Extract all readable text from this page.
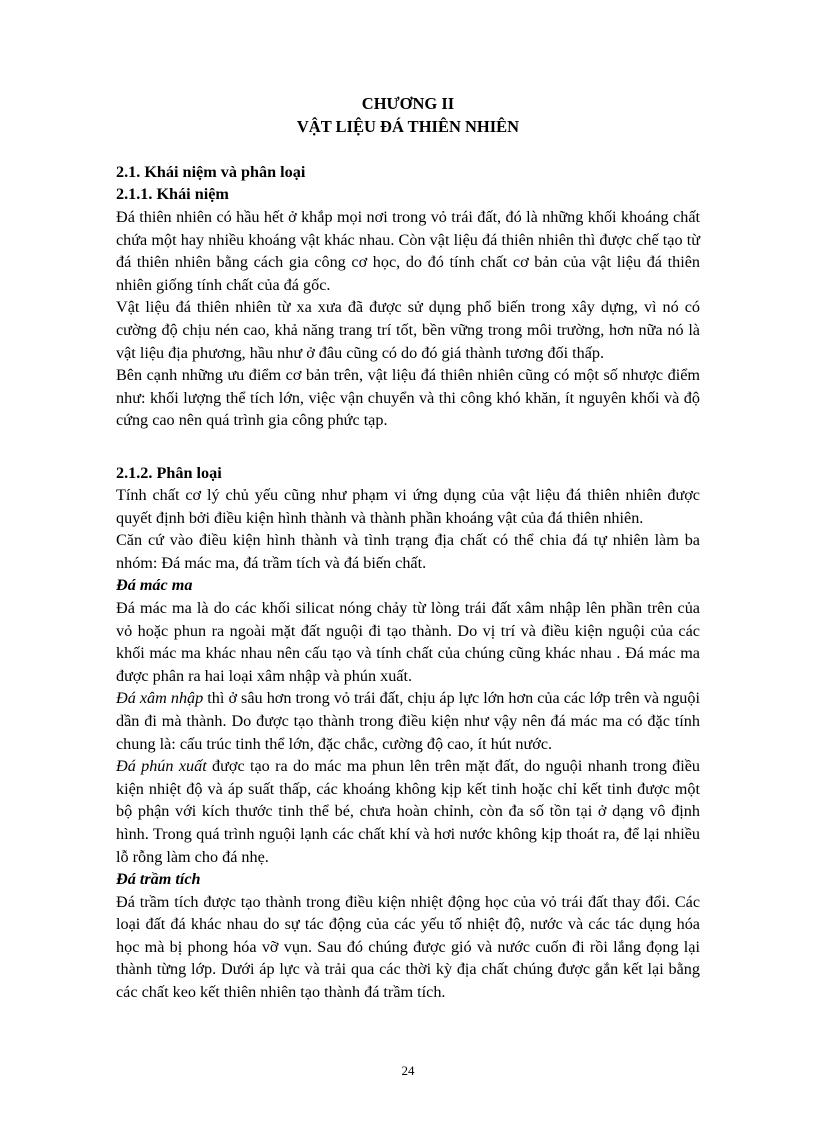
CHƯƠNG II
VẬT LIỆU ĐÁ THIÊN NHIÊN
2.1. Khái niệm và phân loại
2.1.1. Khái niệm

Đá thiên nhiên có hầu hết ở khắp mọi nơi trong vỏ trái đất, đó là những khối khoáng chất chứa một hay nhiều khoáng vật khác nhau. Còn vật liệu đá thiên nhiên thì được chế tạo từ đá thiên nhiên bằng cách gia công cơ học, do đó tính chất cơ bản của vật liệu đá thiên nhiên giống tính chất của đá gốc.

Vật liệu đá thiên nhiên từ xa xưa đã được sử dụng phổ biến trong xây dựng, vì nó có cường độ chịu nén cao, khả năng trang trí tốt, bền vững trong môi trường, hơn nữa nó là vật liệu địa phương, hầu như ở đâu cũng có do đó giá thành tương đối thấp.

Bên cạnh những ưu điểm cơ bản trên, vật liệu đá thiên nhiên cũng có một số nhược điểm như: khối lượng thể tích lớn, việc vận chuyển và thi công khó khăn, ít nguyên khối và độ cứng cao nên quá trình gia công phức tạp.

2.1.2. Phân loại

Tính chất cơ lý chủ yếu cũng như phạm vi ứng dụng của vật liệu đá thiên nhiên được quyết định bởi điều kiện hình thành và thành phần khoáng vật của đá thiên nhiên.

Căn cứ vào điều kiện hình thành và tình trạng địa chất có thể chia đá tự nhiên làm ba nhóm: Đá mác ma, đá trầm tích và đá biến chất.

Đá mác ma

Đá mác ma là do các khối silicat nóng chảy từ lòng trái đất xâm nhập lên phần trên của vỏ hoặc phun ra ngoài mặt đất nguội đi tạo thành. Do vị trí và điều kiện nguội của các khối mác ma khác nhau nên cấu tạo và tính chất của chúng cũng khác nhau . Đá mác ma được phân ra hai loại xâm nhập và phún xuất.

Đá xâm nhập thì ở sâu hơn trong vỏ trái đất, chịu áp lực lớn hơn của các lớp trên và nguội dần đi mà thành. Do được tạo thành trong điều kiện như vậy nên đá mác ma có đặc tính chung là: cấu trúc tinh thể lớn, đặc chắc, cường độ cao, ít hút nước.

Đá phún xuất được tạo ra do mác ma phun lên trên mặt đất, do nguội nhanh trong điều kiện nhiệt độ và áp suất thấp, các khoáng không kịp kết tinh hoặc chỉ kết tinh được một bộ phận với kích thước tinh thể bé, chưa hoàn chỉnh, còn đa số tồn tại ở dạng vô định hình. Trong quá trình nguội lạnh các chất khí và hơi nước không kịp thoát ra, để lại nhiều lỗ rỗng làm cho đá nhẹ.

Đá trầm tích

Đá trầm tích được tạo thành trong điều kiện nhiệt động học của vỏ trái đất thay đổi. Các loại đất đá khác nhau do sự tác động của các yếu tố nhiệt độ, nước và các tác dụng hóa học mà bị phong hóa vỡ vụn. Sau đó chúng được gió và nước cuốn đi rồi lắng đọng lại thành từng lớp. Dưới áp lực và trải qua các thời kỳ địa chất chúng được gắn kết lại bằng các chất keo kết thiên nhiên tạo thành đá trầm tích.

24
